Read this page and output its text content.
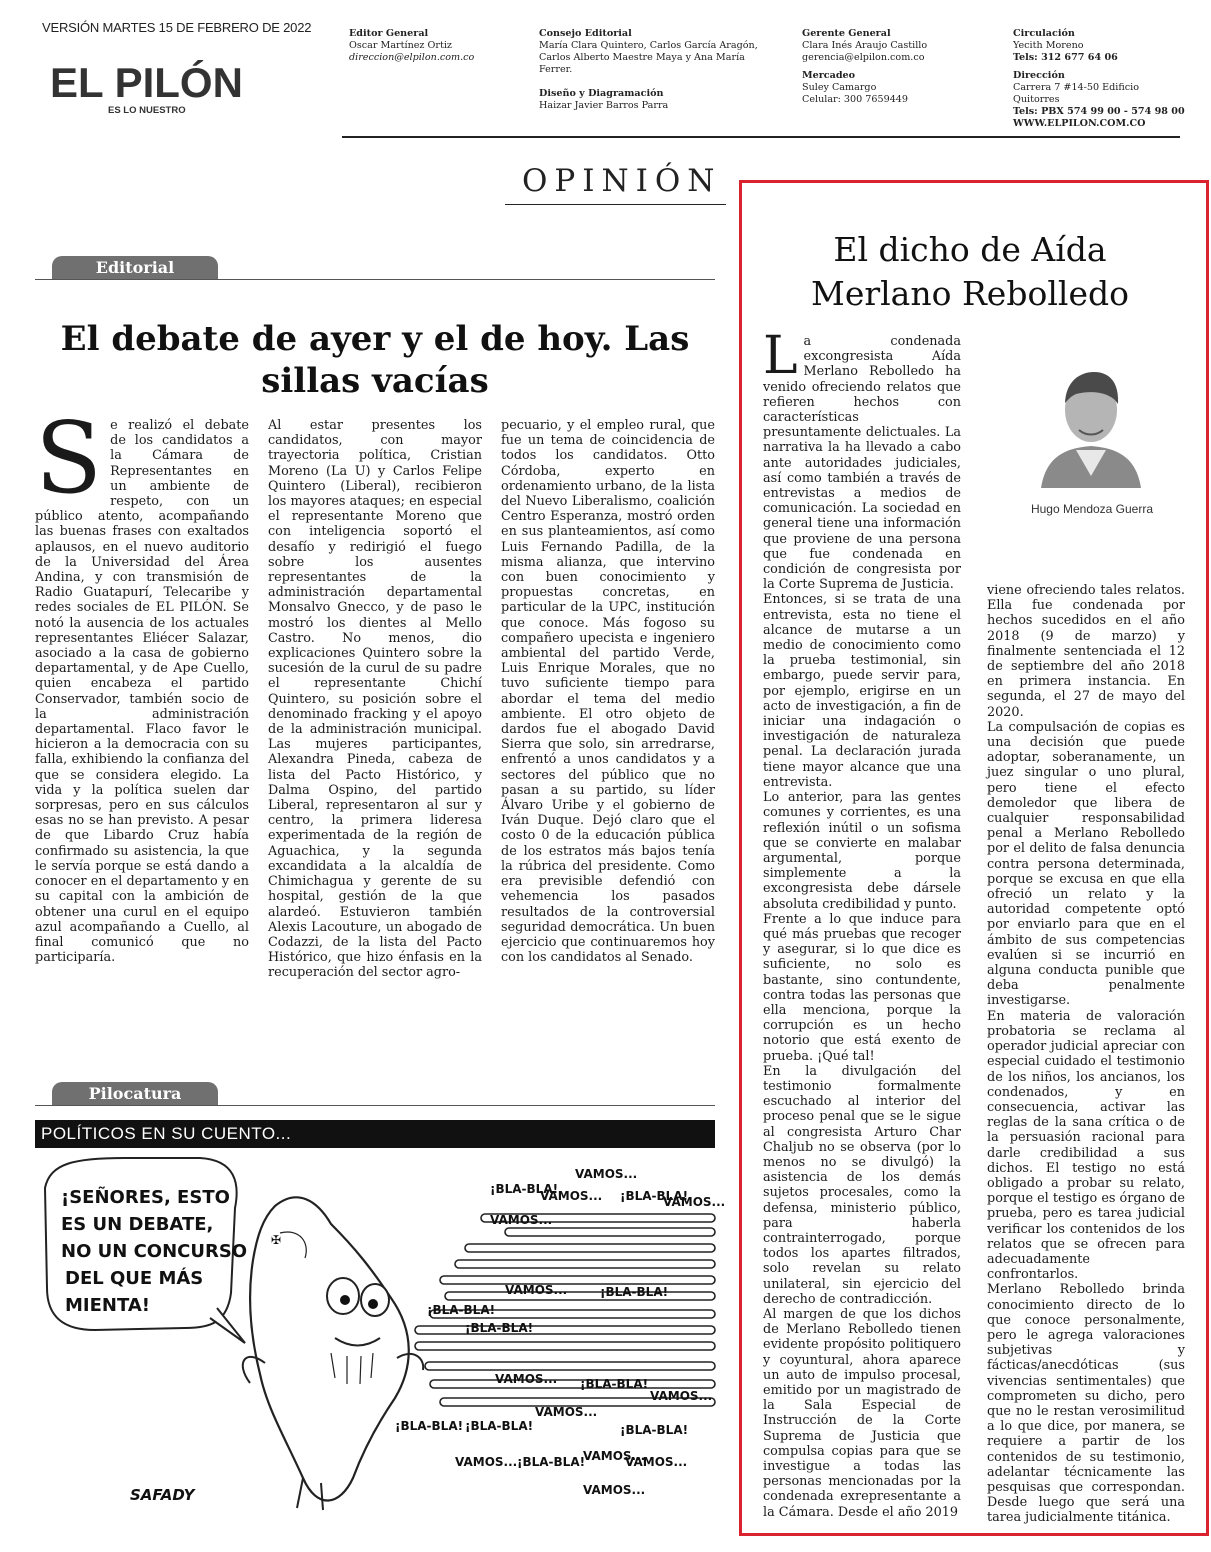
VERSIÓN MARTES 15 DE FEBRERO DE 2022
EL PILÓN
ES LO NUESTRO
Editor General
Oscar Martínez Ortiz
direccion@elpilon.com.co
Consejo Editorial
María Clara Quintero, Carlos García Aragón, Carlos Alberto Maestre Maya y Ana María Ferrer.
Diseño y Diagramación
Haizar Javier Barros Parra
Gerente General
Clara Inés Araujo Castillo
gerencia@elpilon.com.co
Mercadeo
Suley Camargo
Celular: 300 7659449
Circulación
Yecith Moreno
Tels: 312 677 64 06
Dirección
Carrera 7 #14-50 Edificio Quitorres
Tels: PBX 574 99 00 - 574 98 00
WWW.ELPILON.COM.CO
OPINIÓN
Editorial
El debate de ayer y el de hoy. Las sillas vacías
Se realizó el debate de los candidatos a la Cámara de Representantes en un ambiente de respeto, con un público atento, acompañando las buenas frases con exaltados aplausos, en el nuevo auditorio de la Universidad del Área Andina, y con transmisión de Radio Guatapurí, Telecaribe y redes sociales de EL PILÓN. Se notó la ausencia de los actuales representantes Eliécer Salazar, asociado a la casa de gobierno departamental, y de Ape Cuello, quien encabeza el partido Conservador, también socio de la administración departamental. Flaco favor le hicieron a la democracia con su falla, exhibiendo la confianza del que se considera elegido. La vida y la política suelen dar sorpresas, pero en sus cálculos esas no se han previsto. A pesar de que Libardo Cruz había confirmado su asistencia, la que le servía porque se está dando a conocer en el departamento y en su capital con la ambición de obtener una curul en el equipo azul acompañando a Cuello, al final comunicó que no participaría.
Al estar presentes los candidatos, con mayor trayectoria política, Cristian Moreno (La U) y Carlos Felipe Quintero (Liberal), recibieron los mayores ataques; en especial el representante Moreno que con inteligencia soportó el desafío y redirigió el fuego sobre los ausentes representantes de la administración departamental Monsalvo Gnecco, y de paso le mostró los dientes al Mello Castro. No menos, dio explicaciones Quintero sobre la sucesión de la curul de su padre el representante Chichí Quintero, su posición sobre el denominado fracking y el apoyo de la administración municipal. Las mujeres participantes, Alexandra Pineda, cabeza de lista del Pacto Histórico, y Dalma Ospino, del partido Liberal, representaron al sur y centro, la primera lideresa experimentada de la región de Aguachica, y la segunda excandidata a la alcaldía de Chimichagua y gerente de su hospital, gestión de la que alardeó. Estuvieron también Alexis Lacouture, un abogado de Codazzi, de la lista del Pacto Histórico, que hizo énfasis en la recuperación del sector agro-
pecuario, y el empleo rural, que fue un tema de coincidencia de todos los candidatos. Otto Córdoba, experto en ordenamiento urbano, de la lista del Nuevo Liberalismo, coalición Centro Esperanza, mostró orden en sus planteamientos, así como Luis Fernando Padilla, de la misma alianza, que intervino con buen conocimiento y propuestas concretas, en particular de la UPC, institución que conoce. Más fogoso su compañero upecista e ingeniero ambiental del partido Verde, Luis Enrique Morales, que no tuvo suficiente tiempo para abordar el tema del medio ambiente. El otro objeto de dardos fue el abogado David Sierra que solo, sin arredrarse, enfrentó a unos candidatos y a sectores del público que no pasan a su partido, su líder Álvaro Uribe y el gobierno de Iván Duque. Dejó claro que el costo 0 de la educación pública de los estratos más bajos tenía la rúbrica del presidente. Como era previsible defendió con vehemencia los pasados resultados de la controversial seguridad democrática. Un buen ejercicio que continuaremos hoy con los candidatos al Senado.
Pilocatura
POLÍTICOS EN SU CUENTO...
¡SEÑORES, ESTO
ES UN DEBATE,
NO UN CONCURSO
DEL QUE MÁS
MIENTA!
✠
¡BLA-BLA!
VAMOS...
VAMOS... ¡BLA-BLA!
VAMOS...
VAMOS...
VAMOS...	¡BLA-BLA!
¡BLA-BLA!
¡BLA-BLA!
VAMOS... ¡BLA-BLA!
VAMOS...
¡BLA-BLA! ¡BLA-BLA!
VAMOS...
¡BLA-BLA!
VAMOS...	VAMOS...
¡BLA-BLA!	VAMOS...
VAMOS...
SAFADY
El dicho de Aída Merlano Rebolledo
Hugo Mendoza Guerra
La condenada excongresista Aída Merlano Rebolledo ha venido ofreciendo relatos que refieren hechos con características presuntamente delictuales. La narrativa la ha llevado a cabo ante autoridades judiciales, así como también a través de entrevistas a medios de comunicación. La sociedad en general tiene una información que proviene de una persona que fue condenada en condición de congresista por la Corte Suprema de Justicia.
Entonces, si se trata de una entrevista, esta no tiene el alcance de mutarse a un medio de conocimiento como la prueba testimonial, sin embargo, puede servir para, por ejemplo, erigirse en un acto de investigación, a fin de iniciar una indagación o investigación de naturaleza penal. La declaración jurada tiene mayor alcance que una entrevista.
Lo anterior, para las gentes comunes y corrientes, es una reflexión inútil o un sofisma que se convierte en malabar argumental, porque simplemente a la excongresista debe dársele absoluta credibilidad y punto.
Frente a lo que induce para qué más pruebas que recoger y asegurar, si lo que dice es suficiente, no solo es bastante, sino contundente, contra todas las personas que ella menciona, porque la corrupción es un hecho notorio que está exento de prueba. ¡Qué tal!
En la divulgación del testimonio formalmente escuchado al interior del proceso penal que se le sigue al congresista Arturo Char Chaljub no se observa (por lo menos no se divulgó) la asistencia de los demás sujetos procesales, como la defensa, ministerio público, para haberla contrainterrogado, porque todos los apartes filtrados, solo revelan su relato unilateral, sin ejercicio del derecho de contradicción.
Al margen de que los dichos de Merlano Rebolledo tienen evidente propósito politiquero y coyuntural, ahora aparece un auto de impulso procesal, emitido por un magistrado de la Sala Especial de Instrucción de la Corte Suprema de Justicia que compulsa copias para que se investigue a todas las personas mencionadas por la condenada exrepresentante a la Cámara. Desde el año 2019
viene ofreciendo tales relatos. Ella fue condenada por hechos sucedidos en el año 2018 (9 de marzo) y finalmente sentenciada el 12 de septiembre del año 2018 en primera instancia. En segunda, el 27 de mayo del 2020.
La compulsación de copias es una decisión que puede adoptar, soberanamente, un juez singular o uno plural, pero tiene el efecto demoledor que libera de cualquier responsabilidad penal a Merlano Rebolledo por el delito de falsa denuncia contra persona determinada, porque se excusa en que ella ofreció un relato y la autoridad competente optó por enviarlo para que en el ámbito de sus competencias evalúen si se incurrió en alguna conducta punible que deba penalmente investigarse.
En materia de valoración probatoria se reclama al operador judicial apreciar con especial cuidado el testimonio de los niños, los ancianos, los condenados, y en consecuencia, activar las reglas de la sana crítica o de la persuasión racional para darle credibilidad a sus dichos. El testigo no está obligado a probar su relato, porque el testigo es órgano de prueba, pero es tarea judicial verificar los contenidos de los relatos que se ofrecen para adecuadamente confrontarlos.
Merlano Rebolledo brinda conocimiento directo de lo que conoce personalmente, pero le agrega valoraciones subjetivas y fácticas/anecdóticas (sus vivencias sentimentales) que comprometen su dicho, pero que no le restan verosimilitud a lo que dice, por manera, se requiere a partir de los contenidos de su testimonio, adelantar técnicamente las pesquisas que correspondan. Desde luego que será una tarea judicialmente titánica.
